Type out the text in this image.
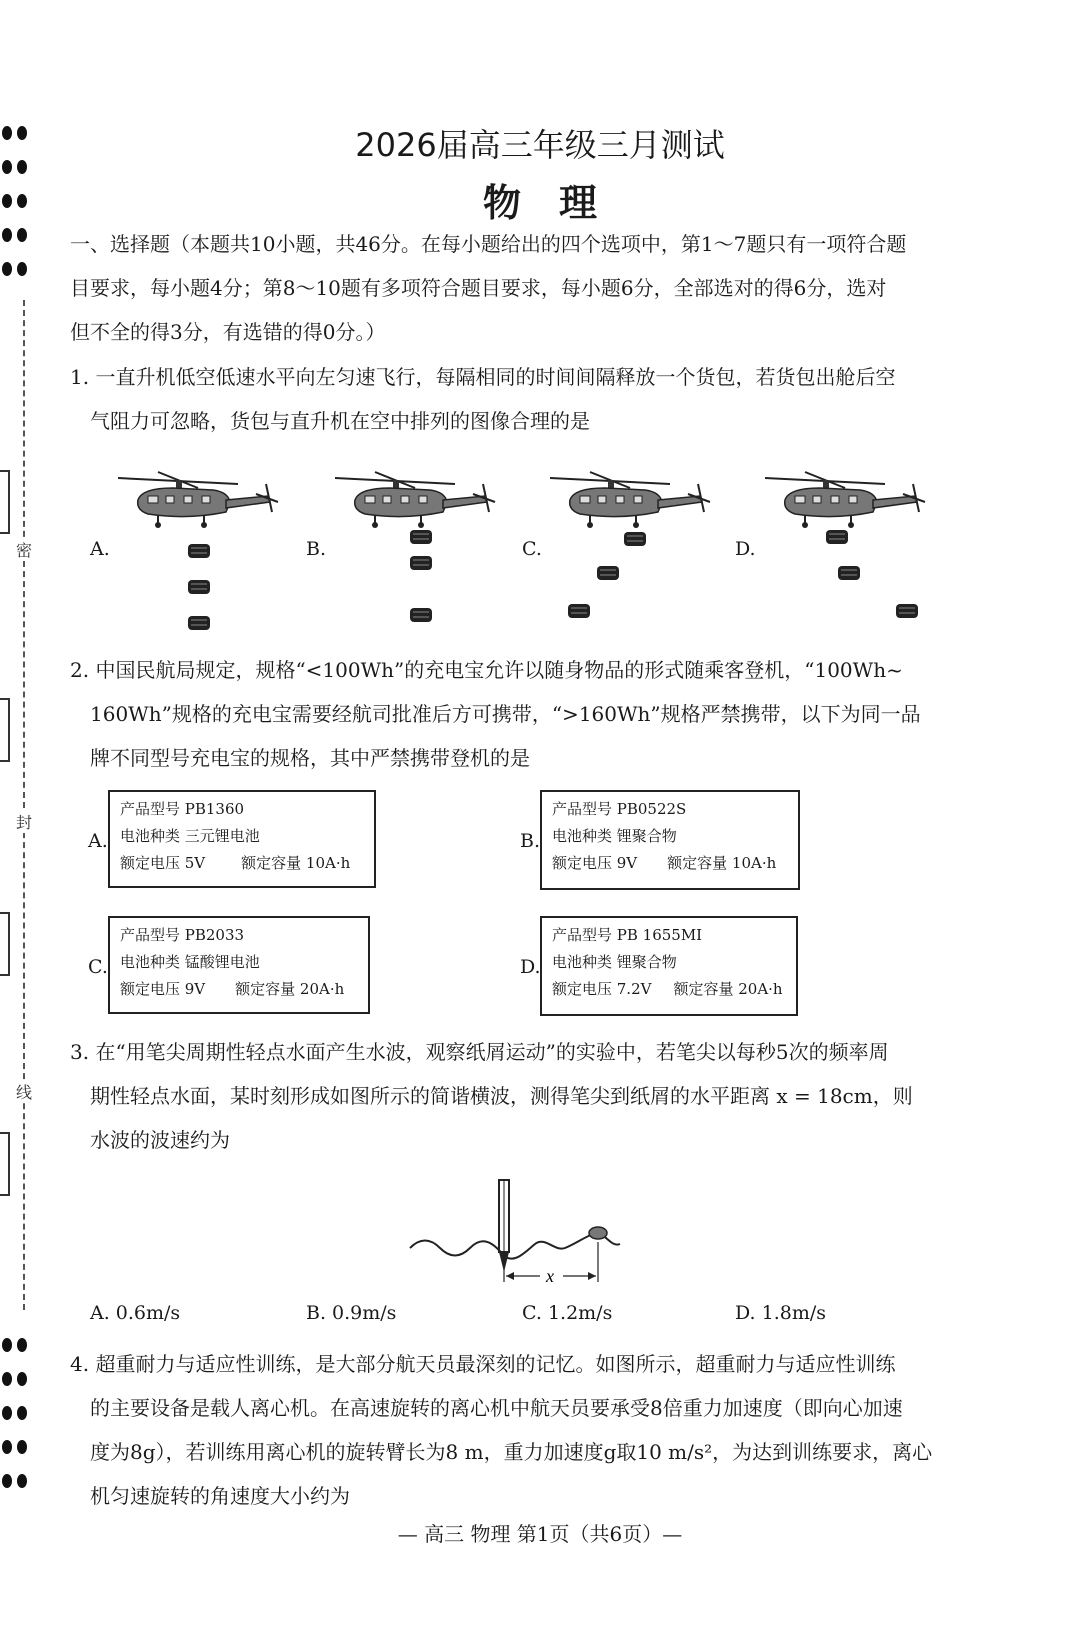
密
封
线
2026届高三年级三月测试
物　理
一、选择题（本题共10小题，共46分。在每小题给出的四个选项中，第1～7题只有一项符合题
目要求，每小题4分；第8～10题有多项符合题目要求，每小题6分，全部选对的得6分，选对
但不全的得3分，有选错的得0分。）
1. 一直升机低空低速水平向左匀速飞行，每隔相同的时间间隔释放一个货包，若货包出舱后空
气阻力可忽略，货包与直升机在空中排列的图像合理的是
A.	B.	C.	D.
2. 中国民航局规定，规格“<100Wh”的充电宝允许以随身物品的形式随乘客登机，“100Wh~
160Wh”规格的充电宝需要经航司批准后方可携带，“>160Wh”规格严禁携带，以下为同一品
牌不同型号充电宝的规格，其中严禁携带登机的是
A.
产品型号 PB1360
电池种类 三元锂电池
额定电压 5V 额定容量 10A·h
B.
产品型号 PB0522S
电池种类 锂聚合物
额定电压 9V 额定容量 10A·h
C.
产品型号 PB2033
电池种类 锰酸锂电池
额定电压 9V 额定容量 20A·h
D.
产品型号 PB 1655MI
电池种类 锂聚合物
额定电压 7.2V 额定容量 20A·h
3. 在“用笔尖周期性轻点水面产生水波，观察纸屑运动”的实验中，若笔尖以每秒5次的频率周
期性轻点水面，某时刻形成如图所示的简谐横波，测得笔尖到纸屑的水平距离 x = 18cm，则
水波的波速约为
x
A. 0.6m/s	B. 0.9m/s	C. 1.2m/s	D. 1.8m/s
4. 超重耐力与适应性训练，是大部分航天员最深刻的记忆。如图所示，超重耐力与适应性训练
的主要设备是载人离心机。在高速旋转的离心机中航天员要承受8倍重力加速度（即向心加速
度为8g），若训练用离心机的旋转臂长为8 m，重力加速度g取10 m/s²，为达到训练要求，离心
机匀速旋转的角速度大小约为
— 高三 物理 第1页（共6页）—
